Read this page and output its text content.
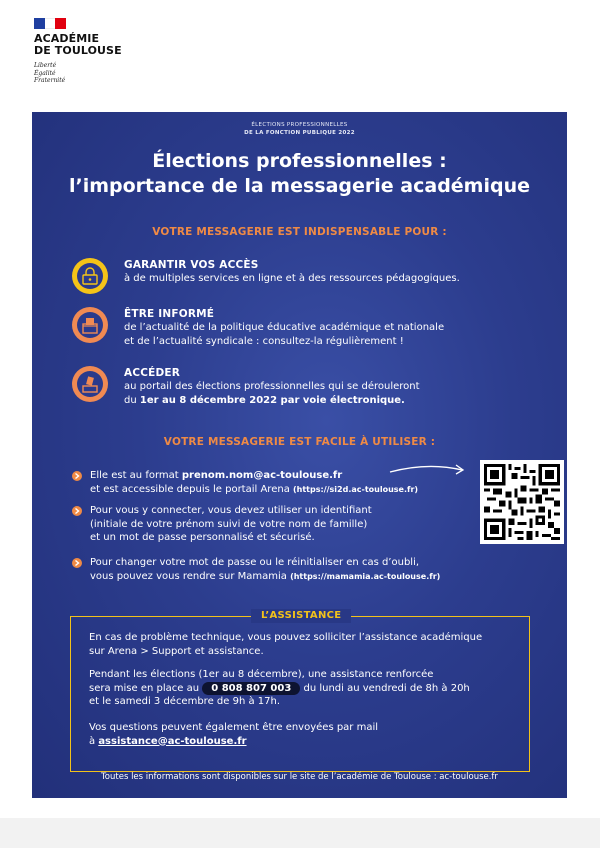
ACADÉMIE
DE TOULOUSE
Liberté
Égalité
Fraternité
ÉLECTIONS PROFESSIONNELLES
DE LA FONCTION PUBLIQUE 2022
Élections professionnelles :
l’importance de la messagerie académique
VOTRE MESSAGERIE EST INDISPENSABLE POUR :
GARANTIR VOS ACCÈS
à de multiples services en ligne et à des ressources pédagogiques.
ÊTRE INFORMÉ
de l’actualité de la politique éducative académique et nationale
et de l’actualité syndicale : consultez-la régulièrement !
ACCÉDER
au portail des élections professionnelles qui se dérouleront
du 1er au 8 décembre 2022 par voie électronique.
VOTRE MESSAGERIE EST FACILE À UTILISER :
Elle est au format prenom.nom@ac-toulouse.fr
et est accessible depuis le portail Arena (https://si2d.ac-toulouse.fr)
Pour vous y connecter, vous devez utiliser un identifiant
(initiale de votre prénom suivi de votre nom de famille)
et un mot de passe personnalisé et sécurisé.
Pour changer votre mot de passe ou le réinitialiser en cas d’oubli,
vous pouvez vous rendre sur Mamamia (https://mamamia.ac-toulouse.fr)
L’ASSISTANCE
En cas de problème technique, vous pouvez solliciter l’assistance académique
sur Arena > Support et assistance.
Pendant les élections (1er au 8 décembre), une assistance renforcée
sera mise en place au 0 808 807 003 du lundi au vendredi de 8h à 20h
et le samedi 3 décembre de 9h à 17h.
Vos questions peuvent également être envoyées par mail
à assistance@ac-toulouse.fr
Toutes les informations sont disponibles sur le site de l’académie de Toulouse : ac-toulouse.fr
